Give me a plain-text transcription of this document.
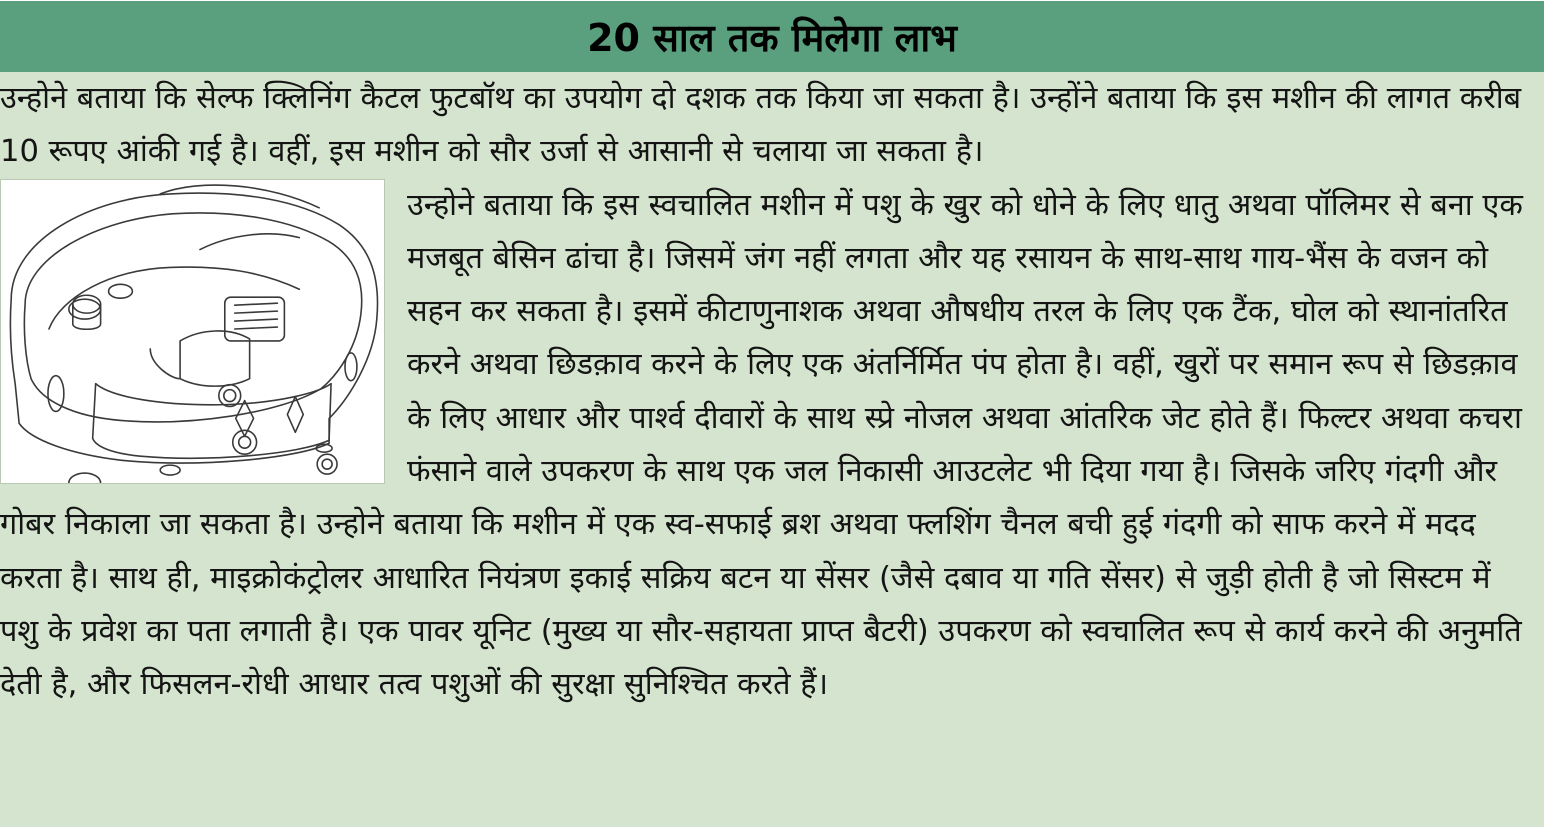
20 साल तक मिलेगा लाभ

उन्होने बताया कि सेल्फ क्लिनिंग कैटल फुटबॉथ का उपयोग दो दशक तक किया जा सकता है। उन्होंने बताया कि इस मशीन की लागत करीब 10 रूपए आंकी गई है। वहीं, इस मशीन को सौर उर्जा से आसानी से चलाया जा सकता है।

उन्होने बताया कि इस स्वचालित मशीन में पशु के खुर को धोने के लिए धातु अथवा पॉलिमर से बना एक मजबूत बेसिन ढांचा है। जिसमें जंग नहीं लगता और यह रसायन के साथ-साथ गाय-भैंस के वजन को सहन कर सकता है। इसमें कीटाणुनाशक अथवा औषधीय तरल के लिए एक टैंक, घोल को स्थानांतरित करने अथवा छिडक़ाव करने के लिए एक अंतर्निर्मित पंप होता है। वहीं, खुरों पर समान रूप से छिडक़ाव के लिए आधार और पार्श्व दीवारों के साथ स्प्रे नोजल अथवा आंतरिक जेट होते हैं। फिल्टर अथवा कचरा फंसाने वाले उपकरण के साथ एक जल निकासी आउटलेट भी दिया गया है। जिसके जरिए गंदगी और गोबर निकाला जा सकता है। उन्होने बताया कि मशीन में एक स्व-सफाई ब्रश अथवा फ्लशिंग चैनल बची हुई गंदगी को साफ करने में मदद करता है। साथ ही, माइक्रोकंट्रोलर आधारित नियंत्रण इकाई सक्रिय बटन या सेंसर (जैसे दबाव या गति सेंसर) से जुड़ी होती है जो सिस्टम में पशु के प्रवेश का पता लगाती है। एक पावर यूनिट (मुख्य या सौर-सहायता प्राप्त बैटरी) उपकरण को स्वचालित रूप से कार्य करने की अनुमति देती है, और फिसलन-रोधी आधार तत्व पशुओं की सुरक्षा सुनिश्चित करते हैं।
